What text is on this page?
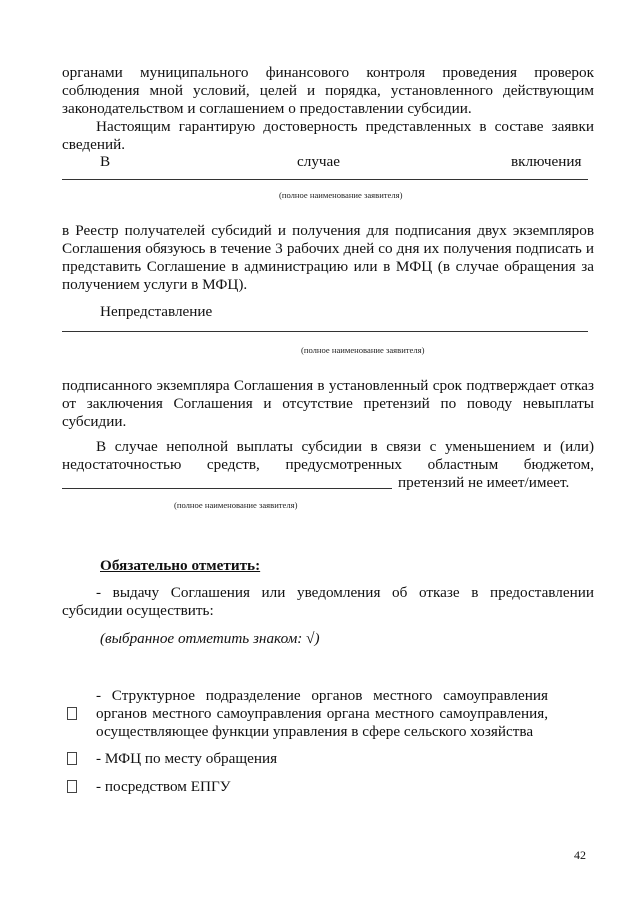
органами муниципального финансового контроля проведения проверок
соблюдения мной условий, целей и порядка, установленного действующим
законодательством и соглашением о предоставлении субсидии.
Настоящим гарантирую достоверность представленных в составе заявки
сведений.
В	случае	включения
(полное наименование заявителя)
в Реестр получателей субсидий и получения для подписания двух экземпляров
Соглашения обязуюсь в течение 3 рабочих дней со дня их получения подписать и
представить Соглашение в администрацию или в МФЦ (в случае обращения за
получением услуги в МФЦ).
Непредставление
(полное наименование заявителя)
подписанного экземпляра Соглашения в установленный срок подтверждает отказ
от заключения Соглашения и отсутствие претензий по поводу невыплаты
субсидии.
В случае неполной выплаты субсидии в связи с уменьшением и (или)
недостаточностью средств, предусмотренных областным бюджетом,
претензий не имеет/имеет.
(полное наименование заявителя)
Обязательно отметить:
- выдачу Соглашения или уведомления об отказе в предоставлении
субсидии осуществить:
(выбранное отметить знаком: √)
- Структурное подразделение органов местного самоуправления
органов местного самоуправления органа местного самоуправления,
осуществляющее функции управления в сфере сельского хозяйства
- МФЦ по месту обращения
- посредством ЕПГУ
42
